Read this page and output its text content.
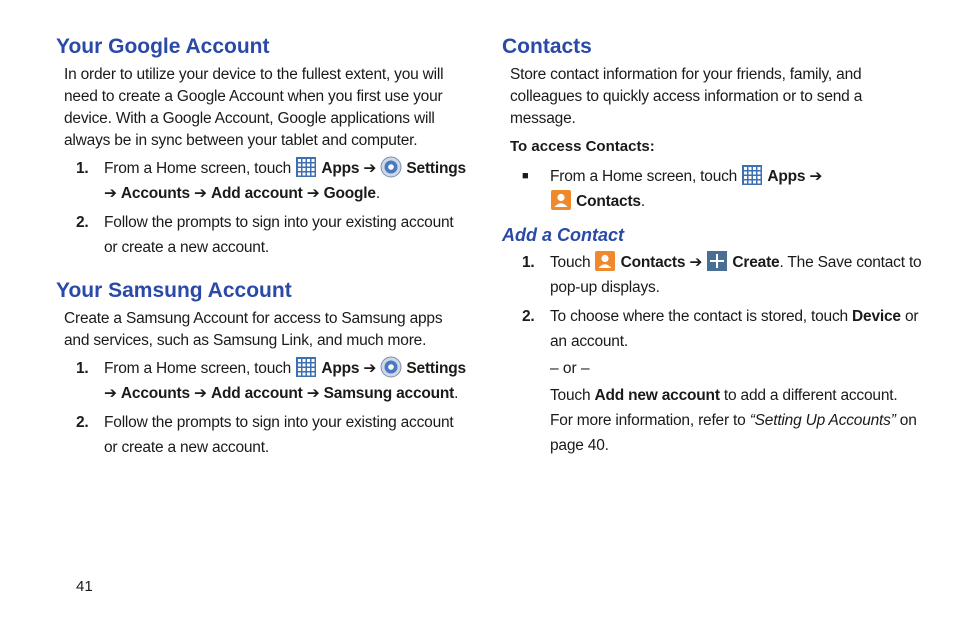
Your Google Account

In order to utilize your device to the fullest extent, you will need to create a Google Account when you first use your device. With a Google Account, Google applications will always be in sync between your tablet and computer.

1. From a Home screen, touch  Apps ➔  Settings
➔ Accounts ➔ Add account ➔ Google.
2. Follow the prompts to sign into your existing account or create a new account.
Your Samsung Account

Create a Samsung Account for access to Samsung apps and services, such as Samsung Link, and much more.

1. From a Home screen, touch  Apps ➔  Settings
➔ Accounts ➔ Add account ➔ Samsung account.
2. Follow the prompts to sign into your existing account or create a new account.
Contacts

Store contact information for your friends, family, and colleagues to quickly access information or to send a message.

To access Contacts:
■ From a Home screen, touch  Apps ➔
Contacts.
Add a Contact
1. Touch  Contacts ➔  Create. The Save contact to pop-up displays.
2. To choose where the contact is stored, touch Device or an account.
– or –
Touch Add new account to add a different account. For more information, refer to “Setting Up Accounts” on page 40.
41
